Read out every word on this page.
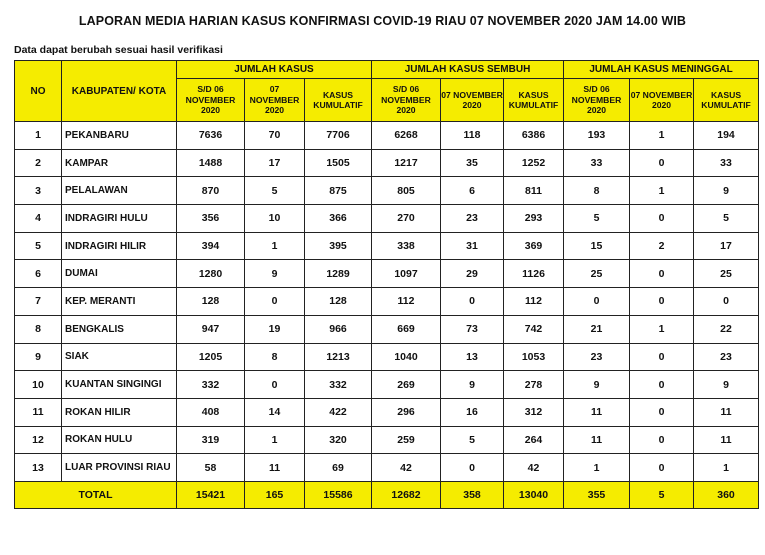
LAPORAN MEDIA HARIAN KASUS KONFIRMASI COVID-19 RIAU 07 NOVEMBER 2020 JAM 14.00 WIB
Data dapat berubah sesuai hasil verifikasi
NO	KABUPATEN/ KOTA	JUMLAH KASUS			JUMLAH KASUS SEMBUH			JUMLAH KASUS MENINGGAL		
		S/D 06 NOVEMBER 2020	07 NOVEMBER 2020	KASUS KUMULATIF	S/D 06 NOVEMBER 2020	07 NOVEMBER 2020	KASUS KUMULATIF	S/D 06 NOVEMBER 2020	07 NOVEMBER 2020	KASUS KUMULATIF
1	PEKANBARU	7636	70	7706	6268	118	6386	193	1	194
2	KAMPAR	1488	17	1505	1217	35	1252	33	0	33
3	PELALAWAN	870	5	875	805	6	811	8	1	9
4	INDRAGIRI HULU	356	10	366	270	23	293	5	0	5
5	INDRAGIRI HILIR	394	1	395	338	31	369	15	2	17
6	DUMAI	1280	9	1289	1097	29	1126	25	0	25
7	KEP. MERANTI	128	0	128	112	0	112	0	0	0
8	BENGKALIS	947	19	966	669	73	742	21	1	22
9	SIAK	1205	8	1213	1040	13	1053	23	0	23
10	KUANTAN SINGINGI	332	0	332	269	9	278	9	0	9
11	ROKAN HILIR	408	14	422	296	16	312	11	0	11
12	ROKAN HULU	319	1	320	259	5	264	11	0	11
13	LUAR PROVINSI RIAU	58	11	69	42	0	42	1	0	1
TOTAL		15421	165	15586	12682	358	13040	355	5	360
